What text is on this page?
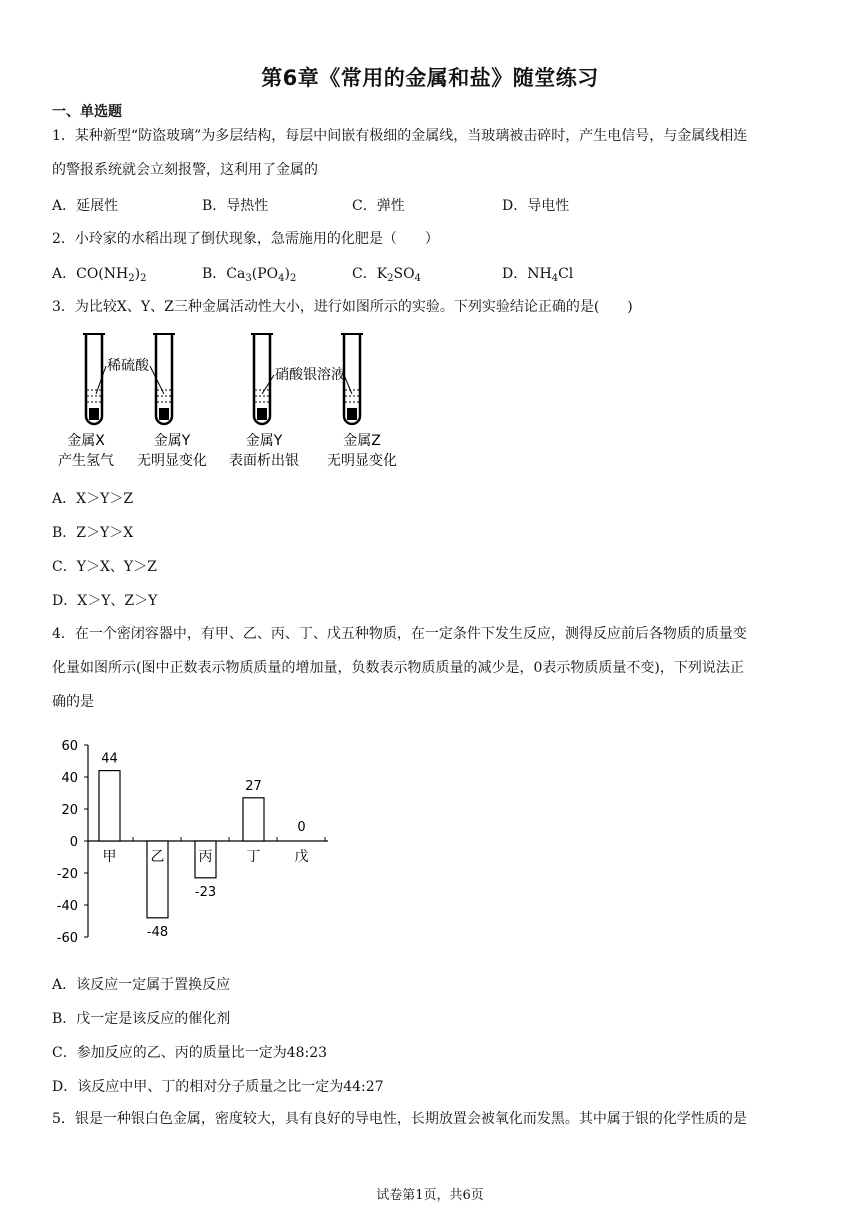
第6章《常用的金属和盐》随堂练习
一、单选题
1．某种新型“防盗玻璃”为多层结构，每层中间嵌有极细的金属线，当玻璃被击碎时，产生电信号，与金属线相连
的警报系统就会立刻报警，这利用了金属的
A．延展性	B．导热性	C．弹性	D．导电性
2．小玲家的水稻出现了倒伏现象，急需施用的化肥是（　　）
A．$CO(NH_2)_2$	B．$Ca_3(PO_4)_2$	C．$K_2SO_4$	D．$NH_4Cl$
3．为比较X、Y、Z三种金属活动性大小，进行如图所示的实验。下列实验结论正确的是(　　)
稀硫酸
硝酸银溶液
金属X
产生氢气
金属Y
无明显变化
金属Y
表面析出银
金属Z
无明显变化
A．X＞Y＞Z
B．Z＞Y＞X
C．Y＞X、Y＞Z
D．X＞Y、Z＞Y
4．在一个密闭容器中，有甲、乙、丙、丁、戊五种物质，在一定条件下发生反应，测得反应前后各物质的质量变
化量如图所示(图中正数表示物质质量的增加量，负数表示物质质量的减少是，0表示物质质量不变)，下列说法正
确的是
60
40
20
0
-20
-40
-60
甲
44
乙
-48
丙
-23
丁
27
戊
0
A．该反应一定属于置换反应
B．戊一定是该反应的催化剂
C．参加反应的乙、丙的质量比一定为48:23
D．该反应中甲、丁的相对分子质量之比一定为44:27
5．银是一种银白色金属，密度较大，具有良好的导电性，长期放置会被氧化而发黑。其中属于银的化学性质的是
试卷第1页，共6页
